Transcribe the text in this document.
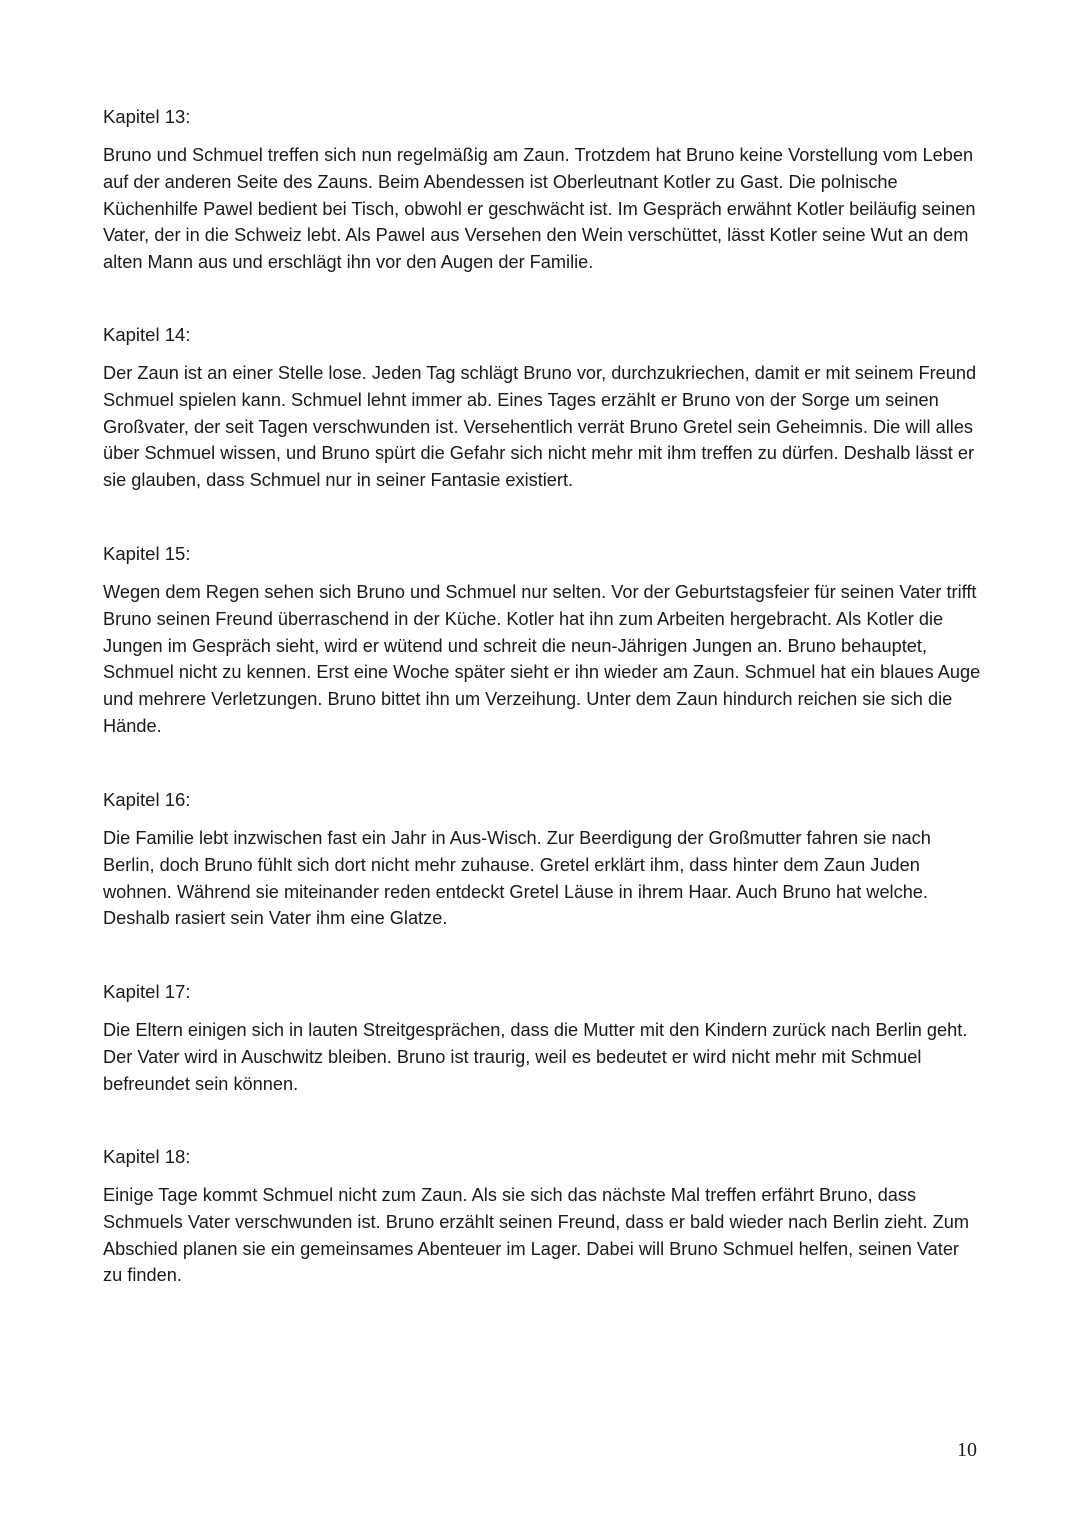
Kapitel 13:

Bruno und Schmuel treffen sich nun regelmäßig am Zaun. Trotzdem hat Bruno keine Vorstellung vom Leben auf der anderen Seite des Zauns. Beim Abendessen ist Oberleutnant Kotler zu Gast. Die polnische Küchenhilfe Pawel bedient bei Tisch, obwohl er geschwächt ist. Im Gespräch erwähnt Kotler beiläufig seinen Vater, der in die Schweiz lebt. Als Pawel aus Versehen den Wein verschüttet, lässt Kotler seine Wut an dem alten Mann aus und erschlägt ihn vor den Augen der Familie.

Kapitel 14:

Der Zaun ist an einer Stelle lose. Jeden Tag schlägt Bruno vor, durchzukriechen, damit er mit seinem Freund Schmuel spielen kann. Schmuel lehnt immer ab. Eines Tages erzählt er Bruno von der Sorge um seinen Großvater, der seit Tagen verschwunden ist. Versehentlich verrät Bruno Gretel sein Geheimnis. Die will alles über Schmuel wissen, und Bruno spürt die Gefahr sich nicht mehr mit ihm treffen zu dürfen. Deshalb lässt er sie glauben, dass Schmuel nur in seiner Fantasie existiert.

Kapitel 15:

Wegen dem Regen sehen sich Bruno und Schmuel nur selten. Vor der Geburtstagsfeier für seinen Vater trifft Bruno seinen Freund überraschend in der Küche. Kotler hat ihn zum Arbeiten hergebracht. Als Kotler die Jungen im Gespräch sieht, wird er wütend und schreit die neun-Jährigen Jungen an. Bruno behauptet, Schmuel nicht zu kennen. Erst eine Woche später sieht er ihn wieder am Zaun. Schmuel hat ein blaues Auge und mehrere Verletzungen. Bruno bittet ihn um Verzeihung. Unter dem Zaun hindurch reichen sie sich die Hände.

Kapitel 16:

Die Familie lebt inzwischen fast ein Jahr in Aus-Wisch. Zur Beerdigung der Großmutter fahren sie nach Berlin, doch Bruno fühlt sich dort nicht mehr zuhause. Gretel erklärt ihm, dass hinter dem Zaun Juden wohnen. Während sie miteinander reden entdeckt Gretel Läuse in ihrem Haar. Auch Bruno hat welche. Deshalb rasiert sein Vater ihm eine Glatze.

Kapitel 17:

Die Eltern einigen sich in lauten Streitgesprächen, dass die Mutter mit den Kindern zurück nach Berlin geht. Der Vater wird in Auschwitz bleiben. Bruno ist traurig, weil es bedeutet er wird nicht mehr mit Schmuel befreundet sein können.

Kapitel 18:

Einige Tage kommt Schmuel nicht zum Zaun. Als sie sich das nächste Mal treffen erfährt Bruno, dass Schmuels Vater verschwunden ist. Bruno erzählt seinen Freund, dass er bald wieder nach Berlin zieht. Zum Abschied planen sie ein gemeinsames Abenteuer im Lager. Dabei will Bruno Schmuel helfen, seinen Vater zu finden.

10
